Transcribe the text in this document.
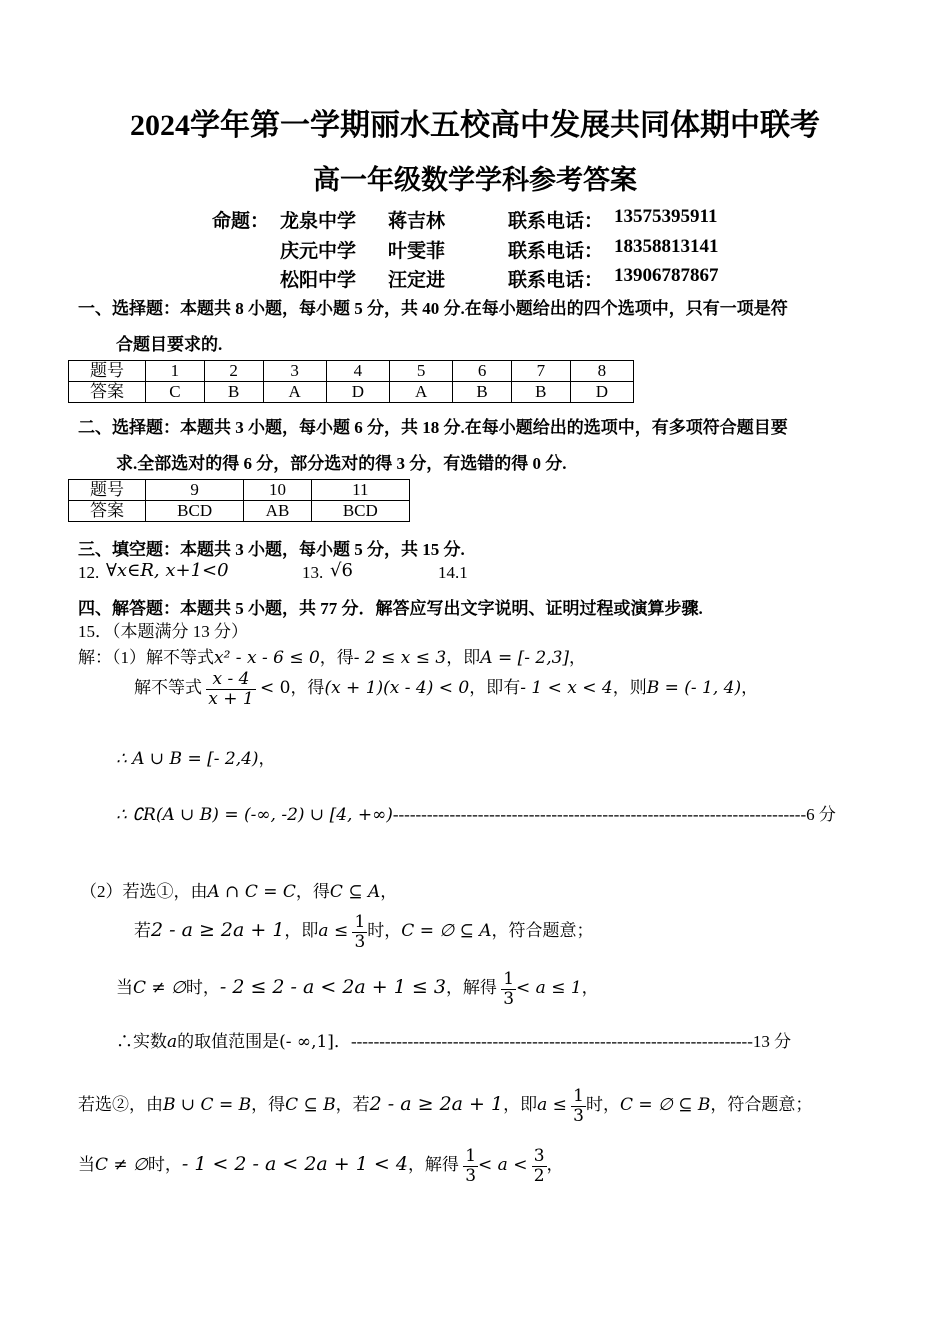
2024学年第一学期丽水五校高中发展共同体期中联考
高一年级数学学科参考答案
命题： 龙泉中学 蒋吉林	联系电话： 13575395911
庆元中学 叶雯菲	联系电话： 18358813141
松阳中学 汪定进	联系电话： 13906787867
一、选择题：本题共 8 小题，每小题 5 分，共 40 分.在每小题给出的四个选项中，只有一项是符
合题目要求的.
题号	1	2	3	4	5	6	7	8
答案	C	B	A	D	A	B	B	D
二、选择题：本题共 3 小题，每小题 6 分，共 18 分.在每小题给出的选项中，有多项符合题目要
求.全部选对的得 6 分，部分选对的得 3 分，有选错的得 0 分.
题号	9	10	11
答案	BCD	AB	BCD
三、填空题：本题共 3 小题，每小题 5 分，共 15 分.
12. ∀x∈R, x+1<0	13. √6	14.1
四、解答题：本题共 5 小题，共 77 分．解答应写出文字说明、证明过程或演算步骤.
15．（本题满分 13 分）
解：（1）解不等式x² - x - 6 ≤ 0，得- 2 ≤ x ≤ 3，即A = [- 2,3]，
解不等式 $\frac{x - 4}{x + 1} < 0$，得(x + 1)(x - 4) < 0，即有- 1 < x < 4，则B = (- 1, 4)，
∴ A ∪ B = [- 2,4)，
∴ ∁R(A ∪ B) = (-∞, -2) ∪ [4, +∞)-------------------------------------------------------------------------6 分
（2）若选①，由A ∩ C = C，得C ⊆ A，
若2 - a ≥ 2a + 1，即$a \le \frac{1}{3}$ 时，C = ∅ ⊆ A，符合题意；
当C ≠ ∅时，- 2 ≤ 2 - a < 2a + 1 ≤ 3，解得 $\frac{1}{3} < a \le 1$，
∴实数a的取值范围是(- ∞,1]．-----------------------------------------------------------------------13 分
若选②，由B ∪ C = B，得C ⊆ B，若2 - a ≥ 2a + 1，即$a \le \frac{1}{3}$ 时，C = ∅ ⊆ B，符合题意；
当C ≠ ∅时，- 1 < 2 - a < 2a + 1 < 4，解得 $\frac{1}{3} < a < \frac{3}{2}$ ，
